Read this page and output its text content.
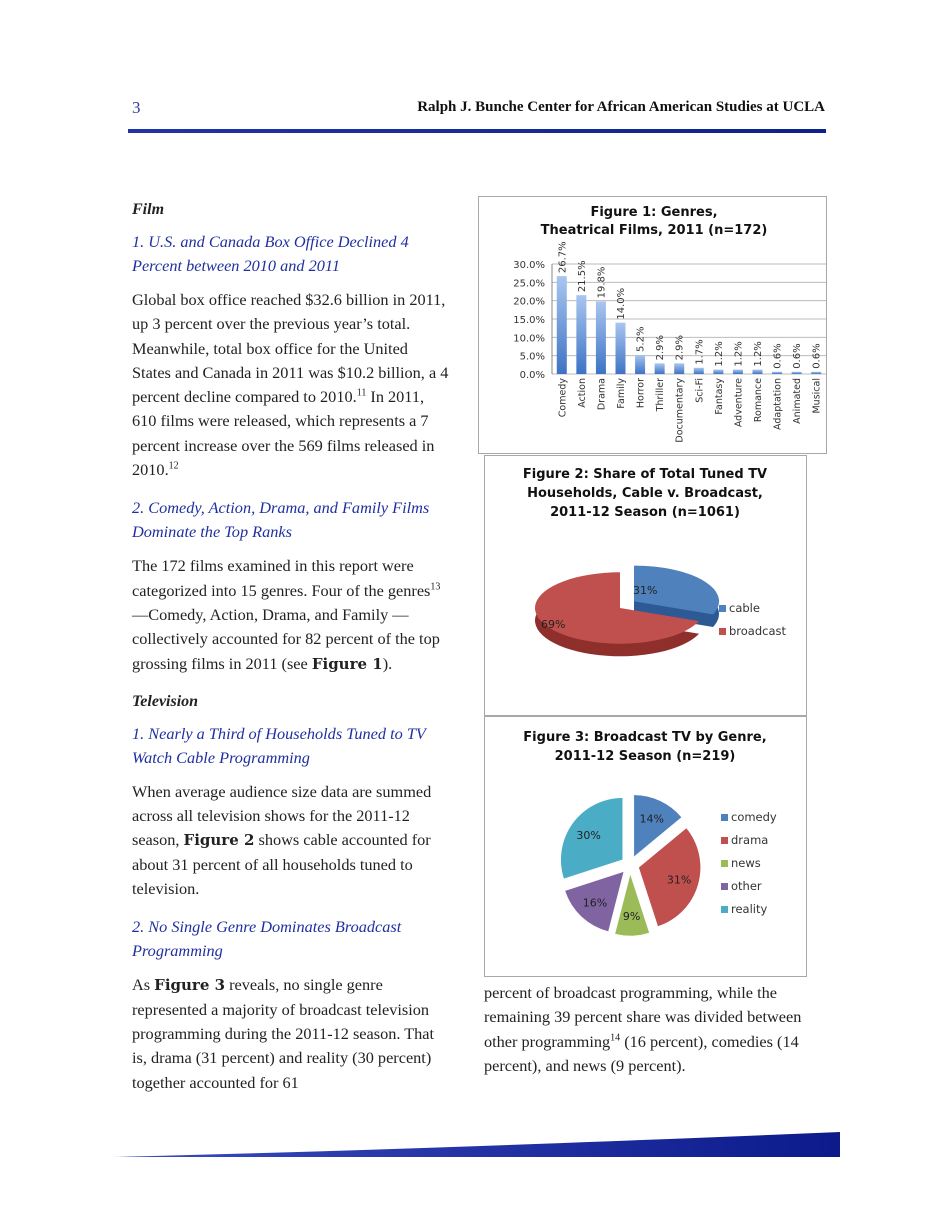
3	Ralph J. Bunche Center for African American Studies at UCLA
Film
1. U.S. and Canada Box Office Declined 4 Percent between 2010 and 2011

Global box office reached $32.6 billion in 2011, up 3 percent over the previous year’s total. Meanwhile, total box office for the United States and Canada in 2011 was $10.2 billion, a 4 percent decline compared to 2010.11 In 2011, 610 films were released, which represents a 7 percent increase over the 569 films released in 2010.12

2. Comedy, Action, Drama, and Family Films Dominate the Top Ranks

The 172 films examined in this report were categorized into 15 genres. Four of the genres$^{13}$ —Comedy, Action, Drama, and Family —collectively accounted for 82 percent of the top grossing films in 2011 (see Figure 1).

Television
1. Nearly a Third of Households Tuned to TV Watch Cable Programming

When average audience size data are summed across all television shows for the 2011-12 season, Figure 2 shows cable accounted for about 31 percent of all households tuned to television.

2. No Single Genre Dominates Broadcast Programming

As Figure 3 reveals, no single genre represented a majority of broadcast television programming during the 2011-12 season. That is, drama (31 percent) and reality (30 percent) together accounted for 61

percent of broadcast programming, while the remaining 39 percent share was divided between other programming$^{14}$ (16 percent), comedies (14 percent), and news (9 percent).

Figure 1: Genres,
Theatrical Films, 2011 (n=172)
0.0%
5.0%
10.0%
15.0%
20.0%
25.0%
30.0% 26.7%
Comedy
21.5%
Action
19.8%
Drama
14.0%
Family
5.2%
Horror
2.9%
Thriller
2.9%
Documentary
1.7%
Sci-Fi
1.2%
Fantasy
1.2%
Adventure
1.2%
Romance
0.6%
Adaptation
0.6%
Animated
0.6%
Musical
Figure 2: Share of Total Tuned TV
Households, Cable v. Broadcast,
2011-12 Season (n=1061)
31%
69%
cable
broadcast
Figure 3: Broadcast TV by Genre,
2011-12 Season (n=219)
14%
31%
9%
16%
30%
comedy
drama
news
other
reality
